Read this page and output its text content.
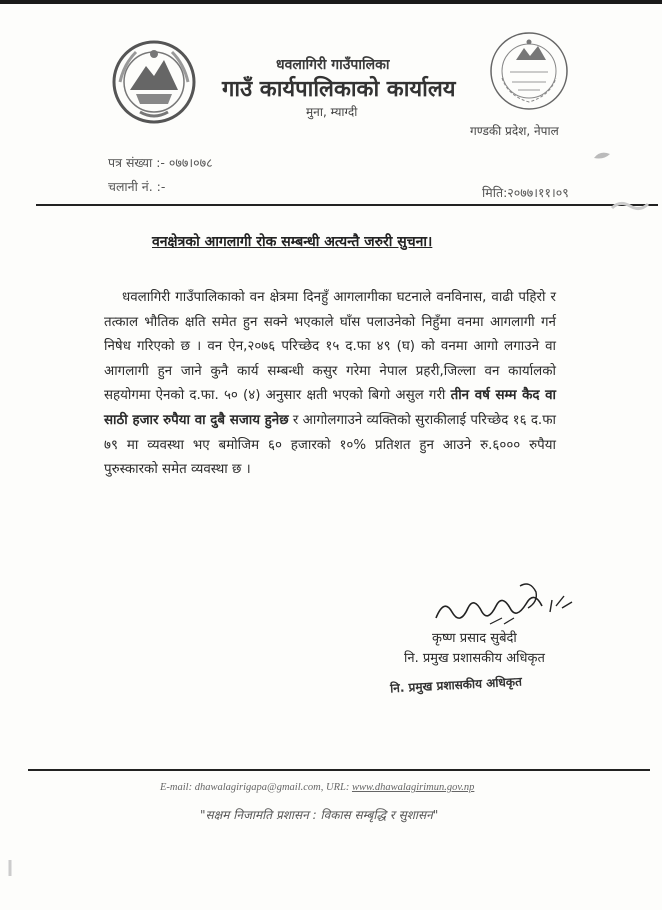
धवलागिरी गाउँपालिका
गाउँ कार्यपालिकाको कार्यालय
मुना, म्याग्दी
गण्डकी प्रदेश, नेपाल
पत्र संख्या :- ०७७।०७८
चलानी नं. :-	मिति:२०७७।११।०९
वनक्षेत्रको आगलागी रोक सम्बन्धी अत्यन्तै जरुरी सुचना।
धवलागिरी गाउँपालिकाको वन क्षेत्रमा दिनहुँ आगलागीका घटनाले वनविनास, वाढी पहिरो र तत्काल भौतिक क्षति समेत हुन सक्ने भएकाले घाँस पलाउनेको निहुँमा वनमा आगलागी गर्न निषेध गरिएको छ । वन ऐन,२०७६ परिच्छेद १५ द.फा ४९ (घ) को वनमा आगो लगाउने वा आगलागी हुन जाने कुनै कार्य सम्बन्धी कसुर गरेमा नेपाल प्रहरी,जिल्ला वन कार्यालको सहयोगमा ऐनको द.फा. ५० (४) अनुसार क्षती भएको बिगो असुल गरी तीन वर्ष सम्म कैद वा साठी हजार रुपैया वा दुबै सजाय हुनेछ र आगोलगाउने व्यक्तिको सुराकीलाई परिच्छेद १६ द.फा ७९ मा व्यवस्था भए बमोजिम ६० हजारको १०% प्रतिशत हुन आउने रु.६००० रुपैया पुरुस्कारको समेत व्यवस्था छ ।
कृष्ण प्रसाद सुबेदी
नि. प्रमुख प्रशासकीय अधिकृत
नि. प्रमुख प्रशासकीय अधिकृत
E-mail: dhawalagirigapa@gmail.com, URL: www.dhawalagirimun.gov.np
"सक्षम निजामति प्रशासन : विकास सम्बृद्धि र सुशासन"
